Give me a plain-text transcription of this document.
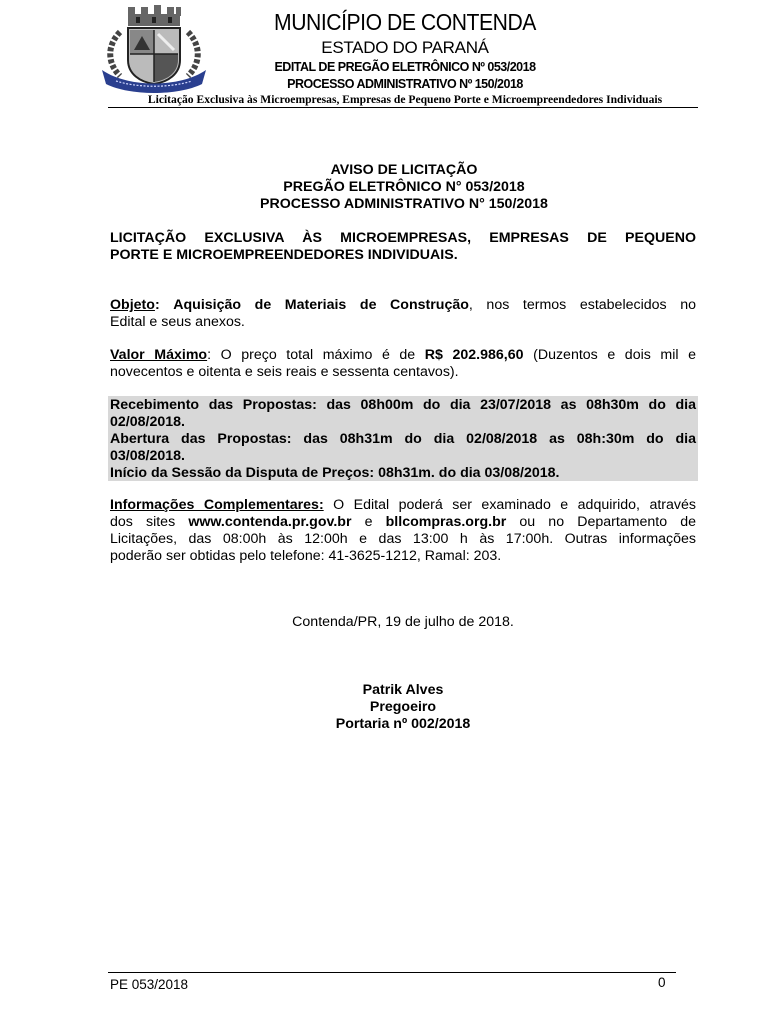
MUNICÍPIO DE CONTENDA
ESTADO DO PARANÁ
EDITAL DE PREGÃO ELETRÔNICO Nº 053/2018
PROCESSO ADMINISTRATIVO Nº 150/2018
Licitação Exclusiva às Microempresas, Empresas de Pequeno Porte e Microempreendedores Individuais
AVISO DE LICITAÇÃO
PREGÃO ELETRÔNICO N° 053/2018
PROCESSO ADMINISTRATIVO N° 150/2018
LICITAÇÃO EXCLUSIVA ÀS MICROEMPRESAS, EMPRESAS DE PEQUENO
PORTE E MICROEMPREENDEDORES INDIVIDUAIS.
Objeto: Aquisição de Materiais de Construção, nos termos estabelecidos no
Edital e seus anexos.
Valor Máximo: O preço total máximo é de R$ 202.986,60 (Duzentos e dois mil e
novecentos e oitenta e seis reais e sessenta centavos).
Recebimento das Propostas: das 08h00m do dia 23/07/2018 as 08h30m do dia
02/08/2018.
Abertura das Propostas: das 08h31m do dia 02/08/2018 as 08h:30m do dia
03/08/2018.
Início da Sessão da Disputa de Preços: 08h31m. do dia 03/08/2018.
Informações Complementares: O Edital poderá ser examinado e adquirido, através
dos sites www.contenda.pr.gov.br e bllcompras.org.br ou no Departamento de
Licitações, das 08:00h às 12:00h e das 13:00 h às 17:00h. Outras informações
poderão ser obtidas pelo telefone: 41-3625-1212, Ramal: 203.
Contenda/PR, 19 de julho de 2018.
Patrik Alves
Pregoeiro
Portaria nº 002/2018
PE 053/2018	0
